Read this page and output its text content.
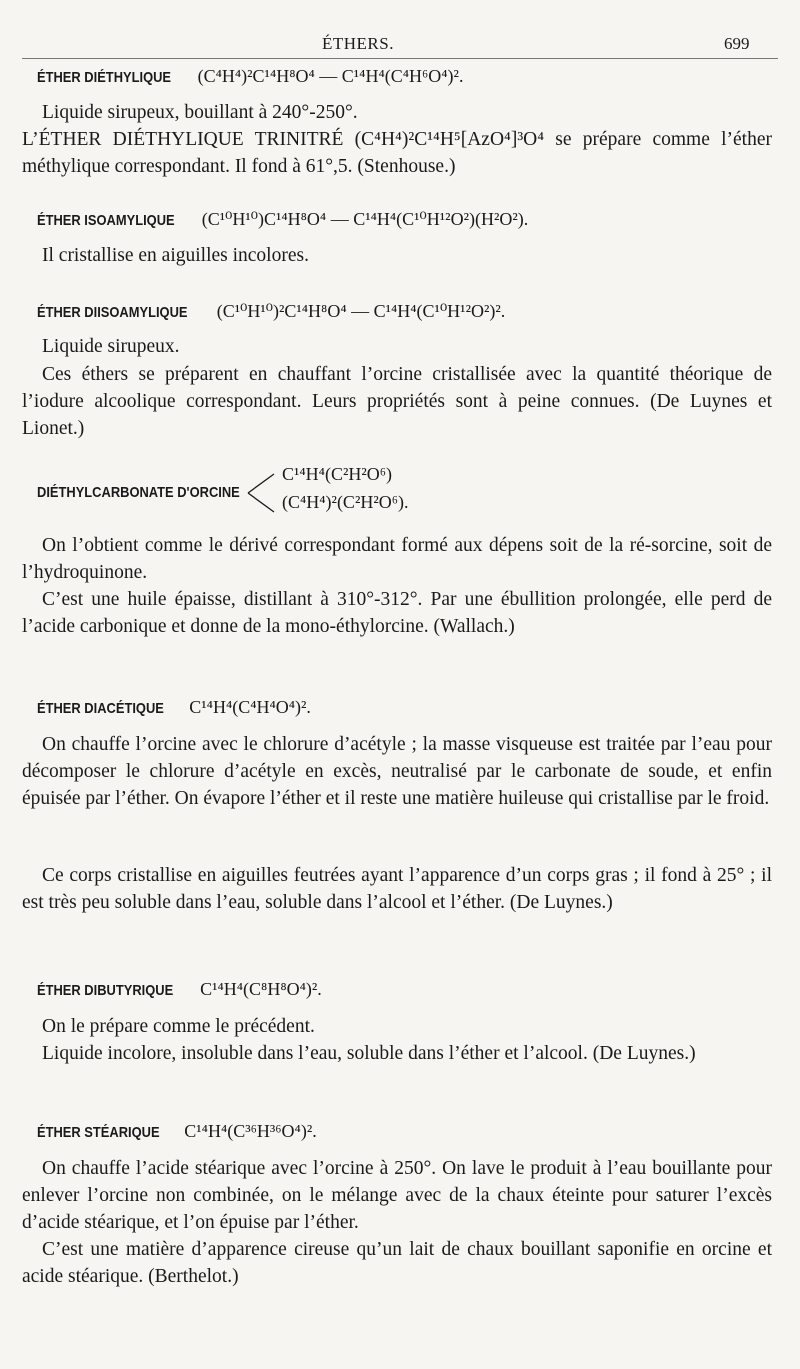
ÉTHERS.	699
ÉTHER DIÉTHYLIQUE (C⁴H⁴)²C¹⁴H⁸O⁴ — C¹⁴H⁴(C⁴H⁶O⁴)².
Liquide sirupeux, bouillant à 240°-250°.
L’ÉTHER DIÉTHYLIQUE TRINITRÉ (C⁴H⁴)²C¹⁴H⁵[AzO⁴]³O⁴ se prépare comme l’éther méthylique correspondant. Il fond à 61°,5. (Stenhouse.)
ÉTHER ISOAMYLIQUE (C¹⁰H¹⁰)C¹⁴H⁸O⁴ — C¹⁴H⁴(C¹⁰H¹²O²)(H²O²).
Il cristallise en aiguilles incolores.
ÉTHER DIISOAMYLIQUE (C¹⁰H¹⁰)²C¹⁴H⁸O⁴ — C¹⁴H⁴(C¹⁰H¹²O²)².
Liquide sirupeux.
Ces éthers se préparent en chauffant l’orcine cristallisée avec la quantité théorique de l’iodure alcoolique correspondant. Leurs propriétés sont à peine connues. (De Luynes et Lionet.)
DIÉTHYLCARBONATE D'ORCINE
C¹⁴H⁴(C²H²O⁶)
(C⁴H⁴)²(C²H²O⁶).
On l’obtient comme le dérivé correspondant formé aux dépens soit de la ré-sorcine, soit de l’hydroquinone.
C’est une huile épaisse, distillant à 310°-312°. Par une ébullition prolongée, elle perd de l’acide carbonique et donne de la mono-éthylorcine. (Wallach.)
ÉTHER DIACÉTIQUE C¹⁴H⁴(C⁴H⁴O⁴)².
On chauffe l’orcine avec le chlorure d’acétyle ; la masse visqueuse est traitée par l’eau pour décomposer le chlorure d’acétyle en excès, neutralisé par le carbonate de soude, et enfin épuisée par l’éther. On évapore l’éther et il reste une matière huileuse qui cristallise par le froid.
Ce corps cristallise en aiguilles feutrées ayant l’apparence d’un corps gras ; il fond à 25° ; il est très peu soluble dans l’eau, soluble dans l’alcool et l’éther. (De Luynes.)
ÉTHER DIBUTYRIQUE C¹⁴H⁴(C⁸H⁸O⁴)².
On le prépare comme le précédent.
Liquide incolore, insoluble dans l’eau, soluble dans l’éther et l’alcool. (De Luynes.)
ÉTHER STÉARIQUE C¹⁴H⁴(C³⁶H³⁶O⁴)².
On chauffe l’acide stéarique avec l’orcine à 250°. On lave le produit à l’eau bouillante pour enlever l’orcine non combinée, on le mélange avec de la chaux éteinte pour saturer l’excès d’acide stéarique, et l’on épuise par l’éther.
C’est une matière d’apparence cireuse qu’un lait de chaux bouillant saponifie en orcine et acide stéarique. (Berthelot.)
